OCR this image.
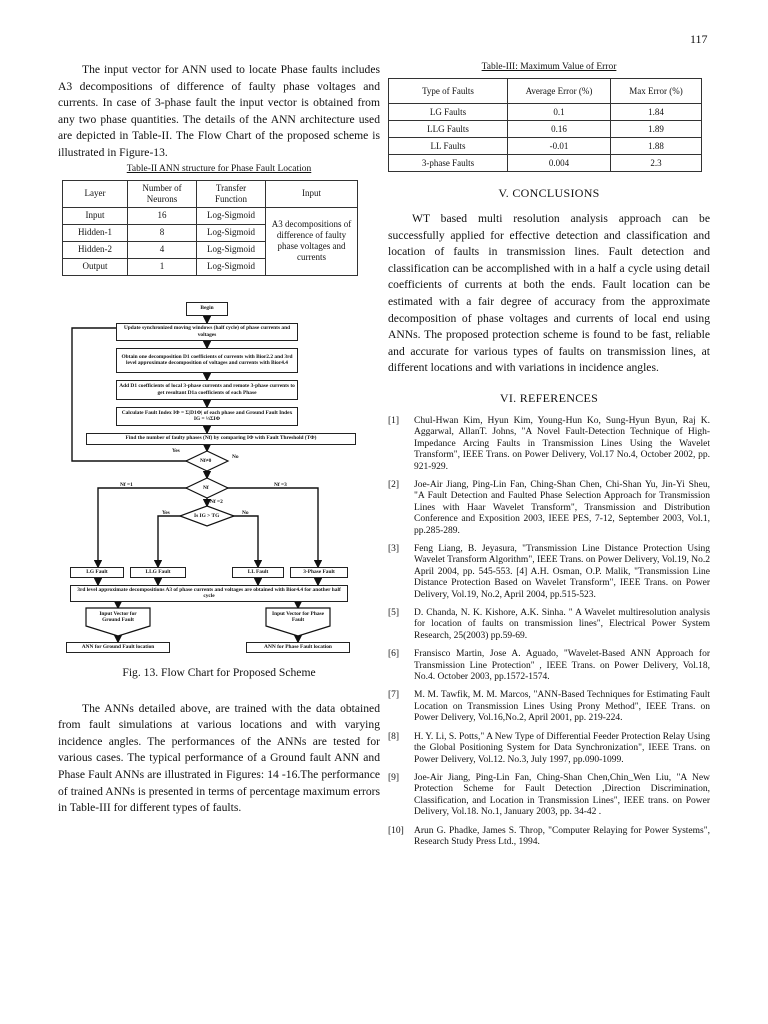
117

The input vector for ANN used to locate Phase faults includes A3 decompositions of difference of faulty phase voltages and currents. In case of 3-phase fault the input vector is obtained from any two phase quantities. The details of the ANN architecture used are depicted in Table-II. The Flow Chart of the proposed scheme is illustrated in Figure-13.

Table-II ANN structure for Phase Fault Location
Layer	Number of Neurons	Transfer Function	Input
Input	16	Log-Sigmoid	A3 decompositions of difference of faulty phase voltages and currents
Hidden-1	8	Log-Sigmoid	
Hidden-2	4	Log-Sigmoid	
Output	1	Log-Sigmoid	
Begin
Update synchronized moving windows (half cycle) of phase currents and voltages
Obtain one decomposition D1 coefficients of currents with Bior2.2 and 3rd level approximate decomposition of voltages and currents with Bior4.4
Add D1 coefficients of local 3-phase currents and remote 3-phase currents to get resultant D1a coefficients of each Phase
Calculate Fault Index IΦ = Σ|D1Φ| of each phase and Ground Fault Index IG = ⅓ΣIΦ
Find the number of faulty phases (Nf) by comparing IΦ with Fault Threshold (TΦ)
Nf≠0
Yes
No
Nf
Nf =1	Nf =3
Nf =2
Is IG > TG
Yes	No
LG Fault	LLG Fault	LL Fault	3-Phase Fault
3rd level approximate decompositions A3 of phase currents and voltages are obtained with Bior4.4 for another half cycle
Input Vector for Ground Fault
Input Vector for Phase Fault
ANN for Ground Fault location	ANN for Phase Fault location
Fig. 13. Flow Chart for Proposed Scheme

The ANNs detailed above, are trained with the data obtained from fault simulations at various locations and with varying incidence angles. The performances of the ANNs are tested for various cases. The typical performance of a Ground fault ANN and Phase Fault ANNs are illustrated in Figures: 14 -16.The performance of trained ANNs is presented in terms of percentage maximum errors in Table-III for different types of faults.

Table-III: Maximum Value of Error
Type of Faults	Average Error (%)	Max Error (%)
LG Faults	0.1	1.84
LLG Faults	0.16	1.89
LL Faults	-0.01	1.88
3-phase Faults	0.004	2.3
V. CONCLUSIONS

WT based multi resolution analysis approach can be successfully applied for effective detection and classification and location of faults in transmission lines. Fault detection and classification can be accomplished with in a half a cycle using detail coefficients of currents at both the ends. Fault location can be estimated with a fair degree of accuracy from the approximate decomposition of phase voltages and currents of local end using ANNs. The proposed protection scheme is found to be fast, reliable and accurate for various types of faults on transmission lines, at different locations and with variations in incidence angles.

VI. REFERENCES
[1]	Chul-Hwan Kim, Hyun Kim, Young-Hun Ko, Sung-Hyun Byun, Raj K. Aggarwal, AllanT. Johns, "A Novel Fault-Detection Technique of High-Impedance Arcing Faults in Transmission Lines Using the Wavelet Transform", IEEE Trans. on Power Delivery, Vol.17 No.4, October 2002, pp. 921-929.
[2]	Joe-Air Jiang, Ping-Lin Fan, Ching-Shan Chen, Chi-Shan Yu, Jin-Yi Sheu, "A Fault Detection and Faulted Phase Selection Approach for Transmission Lines with Haar Wavelet Transform", Transmission and Distribution Conference and Exposition 2003, IEEE PES, 7-12, September 2003, Vol.1, pp.285-289.
[3]	Feng Liang, B. Jeyasura, "Transmission Line Distance Protection Using Wavelet Transform Algorithm", IEEE Trans. on Power Delivery, Vol.19, No.2 April 2004, pp. 545-553. [4] A.H. Osman, O.P. Malik, "Transmission Line Distance Protection Based on Wavelet Transform", IEEE Trans. on Power Delivery, Vol.19, No.2, April 2004, pp.515-523.
[5]	D. Chanda, N. K. Kishore, A.K. Sinha. " A Wavelet multiresolution analysis for location of faults on transmission lines", Electrical Power System Research, 25(2003) pp.59-69.
[6]	Fransisco Martin, Jose A. Aguado, "Wavelet-Based ANN Approach for Transmission Line Protection" , IEEE Trans. on Power Delivery, Vol.18, No.4. October 2003, pp.1572-1574.
[7]	M. M. Tawfik, M. M. Marcos, "ANN-Based Techniques for Estimating Fault Location on Transmission Lines Using Prony Method", IEEE Trans. on Power Delivery, Vol.16,No.2, April 2001, pp. 219-224.
[8]	H. Y. Li, S. Potts," A New Type of Differential Feeder Protection Relay Using the Global Positioning System for Data Synchronization", IEEE Trans. on Power Delivery, Vol.12. No.3, July 1997, pp.090-1099.
[9]	Joe-Air Jiang, Ping-Lin Fan, Ching-Shan Chen,Chin_Wen Liu, "A New Protection Scheme for Fault Detection ,Direction Discrimination, Classification, and Location in Transmission Lines", IEEE trans. on Power Delivery, Vol.18. No.1, January 2003, pp. 34-42 .
[10]	Arun G. Phadke, James S. Throp, "Computer Relaying for Power Systems", Research Study Press Ltd., 1994.
